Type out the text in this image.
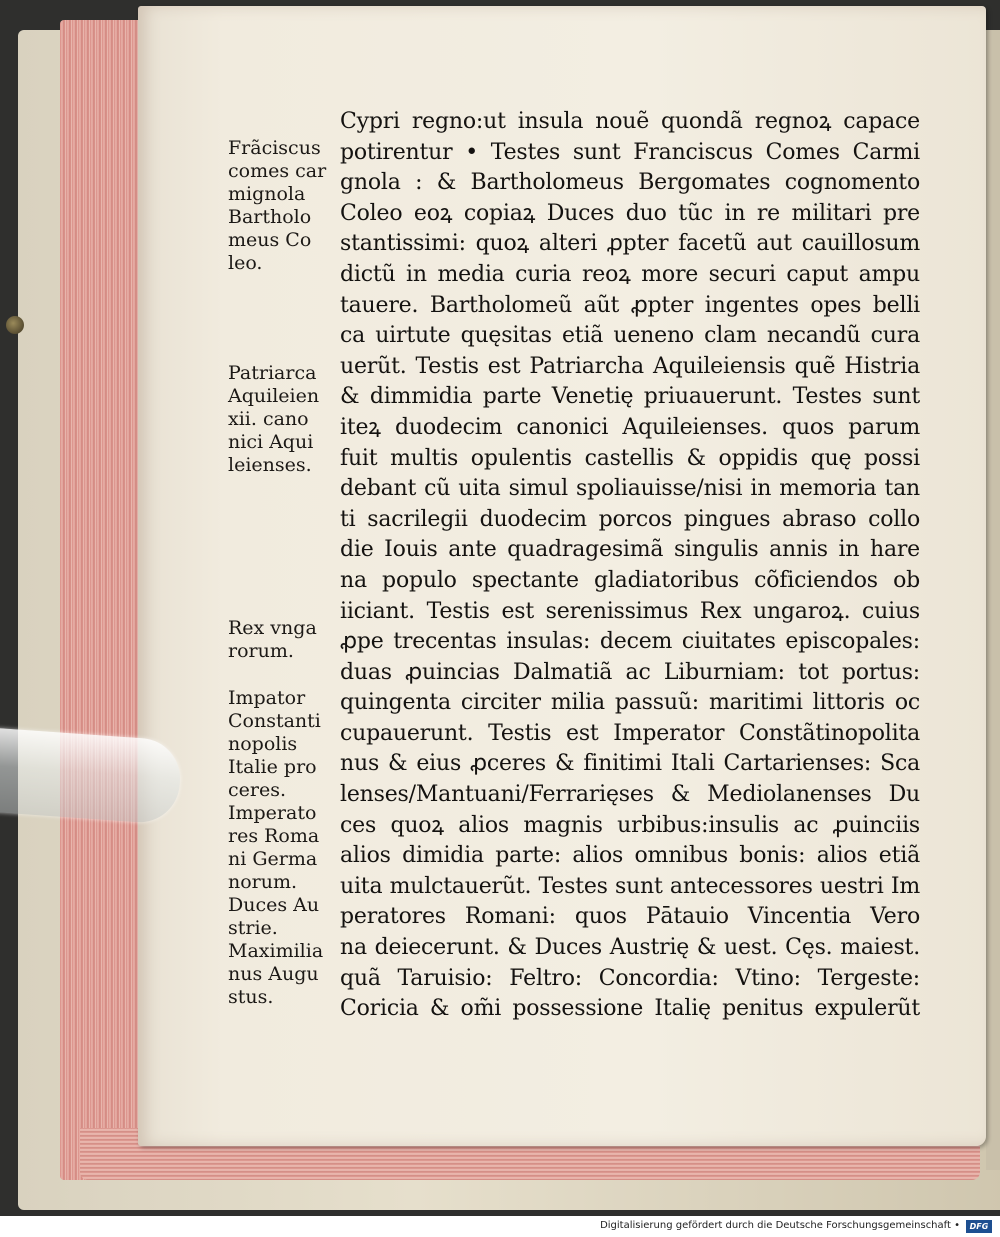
Frãciscus
comes car
mignola
Bartholo
meus Co
leo.
Patriarca
Aquileien
xii. cano
nici Aqui
leienses.
Rex vnga
rorum.
Impator
Constanti
nopolis
Italie pro
ceres.
Imperato
res Roma
ni Germa
norum.
Duces Au
strie.
Maximilia
nus Augu
stus.
Cypri regno:ut insula nouẽ quondã regnoꝝ capace
potirentur • Testes sunt Franciscus Comes Carmi
gnola : & Bartholomeus Bergomates cognomento
Coleo eoꝝ copiaꝝ Duces duo tũc in re militari pre
stantissimi: quoꝝ alteri ꝓpter facetũ aut cauillosum
dictũ in media curia reoꝝ more securi caput ampu
tauere. Bartholomeũ aũt ꝓpter ingentes opes belli
ca uirtute quęsitas etiã ueneno clam necandũ cura
uerũt. Testis est Patriarcha Aquileiensis quẽ Histria
& dimmidia parte Venetię priuauerunt. Testes sunt
iteꝝ duodecim canonici Aquileienses. quos parum
fuit multis opulentis castellis & oppidis quę possi
debant cũ uita simul spoliauisse/nisi in memoria tan
ti sacrilegii duodecim porcos pingues abraso collo
die Iouis ante quadragesimã singulis annis in hare
na populo spectante gladiatoribus cõficiendos ob
iiciant. Testis est serenissimus Rex ungaroꝝ. cuius
ꝓpe trecentas insulas: decem ciuitates episcopales:
duas ꝓuincias Dalmatiã ac Liburniam: tot portus:
quingenta circiter milia passuũ: maritimi littoris oc
cupauerunt. Testis est Imperator Constãtinopolita
nus & eius ꝓceres & finitimi Itali Cartarienses: Sca
lenses/Mantuani/Ferrarięses & Mediolanenses Du
ces quoꝝ alios magnis urbibus:insulis ac ꝓuinciis
alios dimidia parte: alios omnibus bonis: alios etiã
uita mulctauerũt. Testes sunt antecessores uestri Im
peratores Romani: quos Pātauio Vincentia Vero
na deiecerunt. & Duces Austrię & uest. Cęs. maiest.
quã Taruisio: Feltro: Concordia: Vtino: Tergeste:
Coricia & om̃i possessione Italię penitus expulerũt
Digitalisierung gefördert durch die Deutsche Forschungsgemeinschaft •	DFG
